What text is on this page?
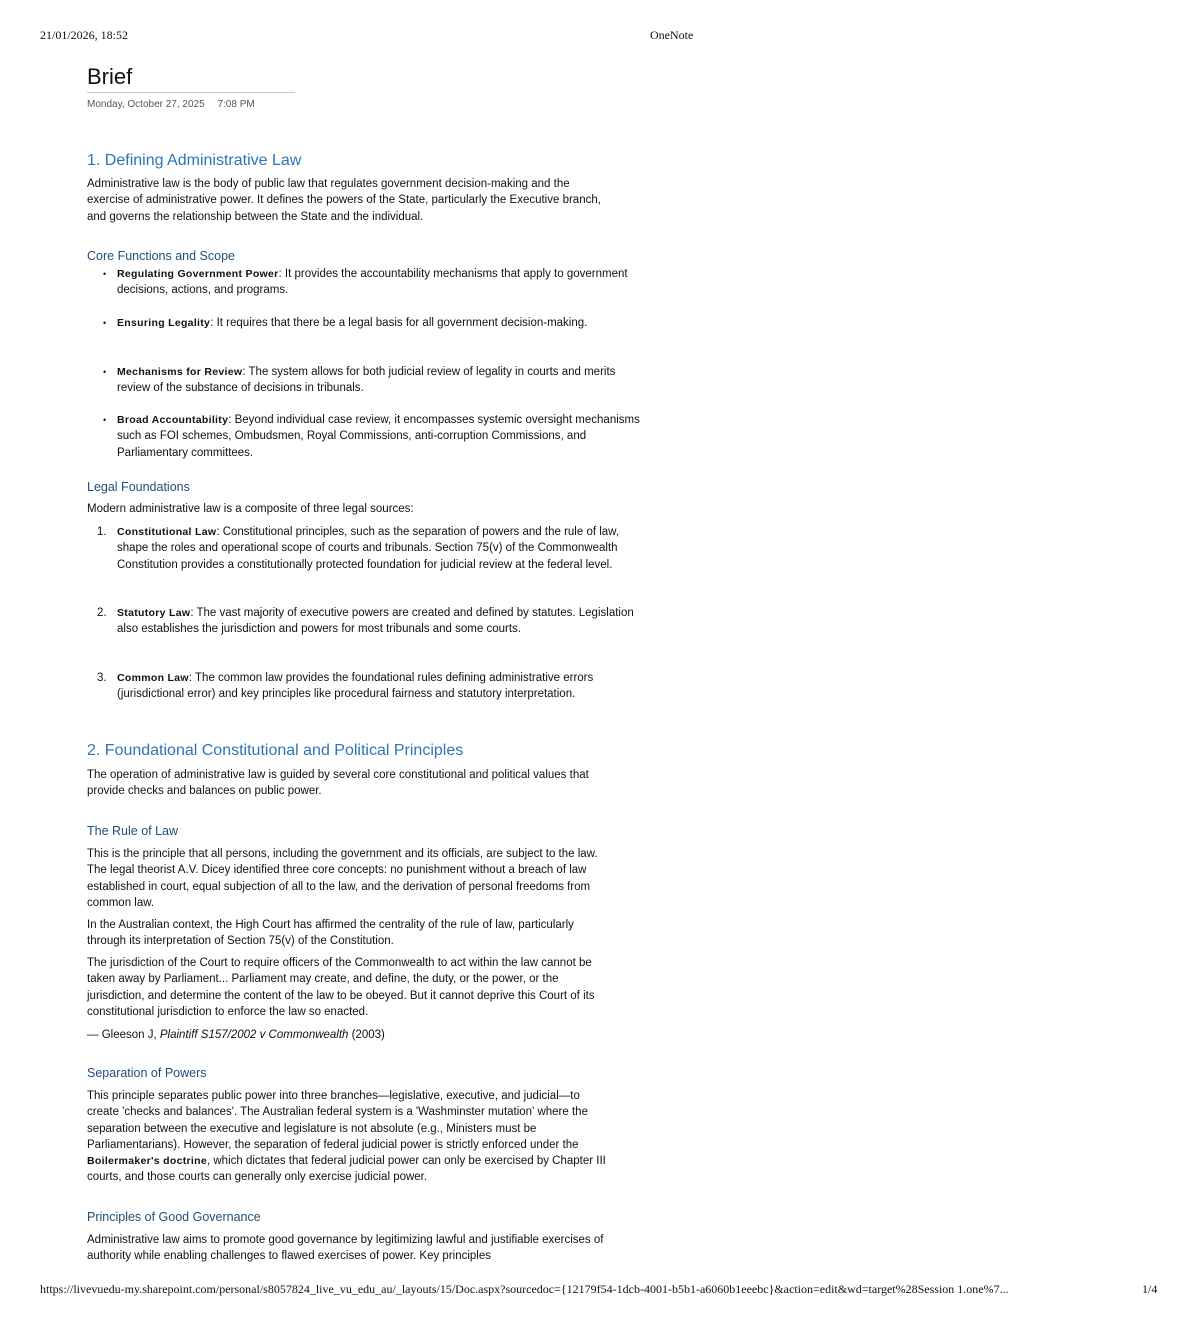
21/01/2026, 18:52	OneNote
Brief
Monday, October 27, 2025 7:08 PM
1. Defining Administrative Law

Administrative law is the body of public law that regulates government decision-making and the exercise of administrative power. It defines the powers of the State, particularly the Executive branch, and governs the relationship between the State and the individual.

Core Functions and Scope
• Regulating Government Power: It provides the accountability mechanisms that apply to government decisions, actions, and programs.
• Ensuring Legality: It requires that there be a legal basis for all government decision-making.
• Mechanisms for Review: The system allows for both judicial review of legality in courts and merits review of the substance of decisions in tribunals.
• Broad Accountability: Beyond individual case review, it encompasses systemic oversight mechanisms such as FOI schemes, Ombudsmen, Royal Commissions, anti-corruption Commissions, and Parliamentary committees.
Legal Foundations

Modern administrative law is a composite of three legal sources:

1. Constitutional Law: Constitutional principles, such as the separation of powers and the rule of law, shape the roles and operational scope of courts and tribunals. Section 75(v) of the Commonwealth Constitution provides a constitutionally protected foundation for judicial review at the federal level.
2. Statutory Law: The vast majority of executive powers are created and defined by statutes. Legislation also establishes the jurisdiction and powers for most tribunals and some courts.
3. Common Law: The common law provides the foundational rules defining administrative errors (jurisdictional error) and key principles like procedural fairness and statutory interpretation.
2. Foundational Constitutional and Political Principles

The operation of administrative law is guided by several core constitutional and political values that provide checks and balances on public power.

The Rule of Law

This is the principle that all persons, including the government and its officials, are subject to the law. The legal theorist A.V. Dicey identified three core concepts: no punishment without a breach of law established in court, equal subjection of all to the law, and the derivation of personal freedoms from common law.

In the Australian context, the High Court has affirmed the centrality of the rule of law, particularly through its interpretation of Section 75(v) of the Constitution.

The jurisdiction of the Court to require officers of the Commonwealth to act within the law cannot be taken away by Parliament... Parliament may create, and define, the duty, or the power, or the jurisdiction, and determine the content of the law to be obeyed. But it cannot deprive this Court of its constitutional jurisdiction to enforce the law so enacted.

— Gleeson J, Plaintiff S157/2002 v Commonwealth (2003)

Separation of Powers

This principle separates public power into three branches—legislative, executive, and judicial—to create 'checks and balances'. The Australian federal system is a 'Washminster mutation' where the separation between the executive and legislature is not absolute (e.g., Ministers must be Parliamentarians). However, the separation of federal judicial power is strictly enforced under the Boilermaker's doctrine, which dictates that federal judicial power can only be exercised by Chapter III courts, and those courts can generally only exercise judicial power.

Principles of Good Governance

Administrative law aims to promote good governance by legitimizing lawful and justifiable exercises of authority while enabling challenges to flawed exercises of power. Key principles

https://livevuedu-my.sharepoint.com/personal/s8057824_live_vu_edu_au/_layouts/15/Doc.aspx?sourcedoc={12179f54-1dcb-4001-b5b1-a6060b1eeebc}&action=edit&wd=target%28Session 1.one%7...	1/4
